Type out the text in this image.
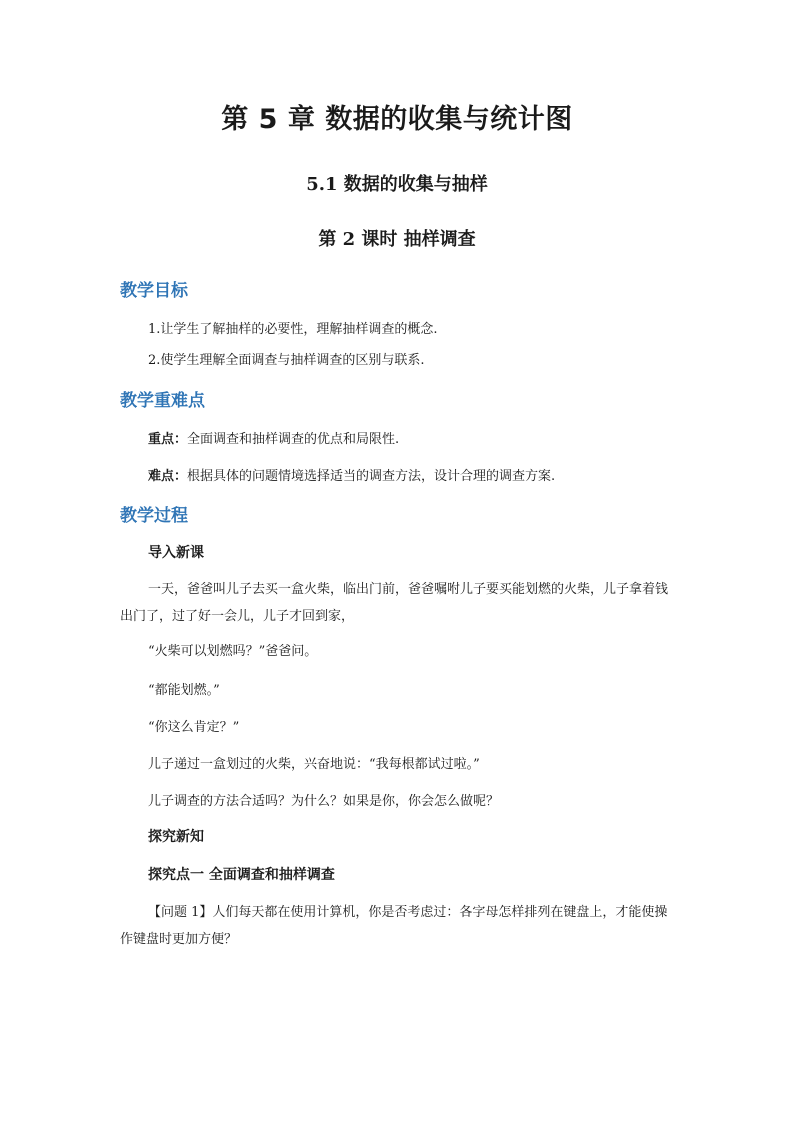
第 5 章 数据的收集与统计图
5.1 数据的收集与抽样
第 2 课时 抽样调查
教学目标
1.让学生了解抽样的必要性，理解抽样调查的概念.
2.使学生理解全面调查与抽样调查的区别与联系.
教学重难点
重点：全面调查和抽样调查的优点和局限性.
难点：根据具体的问题情境选择适当的调查方法，设计合理的调查方案.
教学过程
导入新课
一天，爸爸叫儿子去买一盒火柴，临出门前，爸爸嘱咐儿子要买能划燃的火柴，儿子拿着钱出门了，过了好一会儿，儿子才回到家，
“火柴可以划燃吗？”爸爸问。
“都能划燃。”
“你这么肯定？”
儿子递过一盒划过的火柴，兴奋地说：“我每根都试过啦。”
儿子调查的方法合适吗？为什么？如果是你，你会怎么做呢？
探究新知
探究点一 全面调查和抽样调查
【问题 1】人们每天都在使用计算机，你是否考虑过：各字母怎样排列在键盘上，才能使操作键盘时更加方便？
